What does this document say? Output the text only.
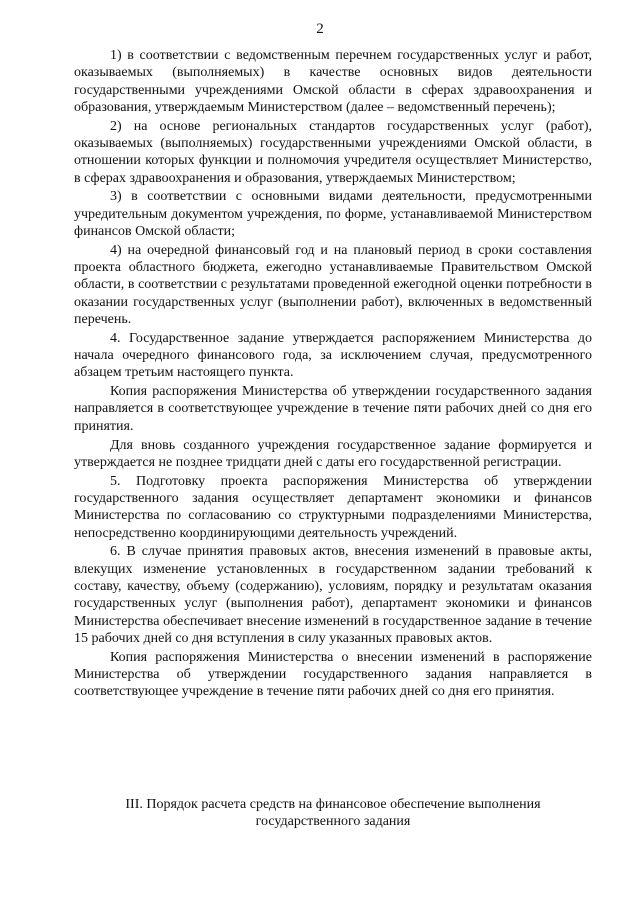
2

1) в соответствии с ведомственным перечнем государственных услуг и работ, оказываемых (выполняемых) в качестве основных видов деятельности государственными учреждениями Омской области в сферах здравоохранения и образования, утверждаемым Министерством (далее – ведомственный перечень);

2) на основе региональных стандартов государственных услуг (работ), оказываемых (выполняемых) государственными учреждениями Омской области, в отношении которых функции и полномочия учредителя осуществляет Министерство, в сферах здравоохранения и образования, утверждаемых Министерством;

3) в соответствии с основными видами деятельности, предусмотренными учредительным документом учреждения, по форме, устанавливаемой Министерством финансов Омской области;

4) на очередной финансовый год и на плановый период в сроки составления проекта областного бюджета, ежегодно устанавливаемые Правительством Омской области, в соответствии с результатами проведенной ежегодной оценки потребности в оказании государственных услуг (выполнении работ), включенных в ведомственный перечень.

4. Государственное задание утверждается распоряжением Министерства до начала очередного финансового года, за исключением случая, предусмотренного абзацем третьим настоящего пункта.

Копия распоряжения Министерства об утверждении государственного задания направляется в соответствующее учреждение в течение пяти рабочих дней со дня его принятия.

Для вновь созданного учреждения государственное задание формируется и утверждается не позднее тридцати дней с даты его государственной регистрации.

5. Подготовку проекта распоряжения Министерства об утверждении государственного задания осуществляет департамент экономики и финансов Министерства по согласованию со структурными подразделениями Министерства, непосредственно координирующими деятельность учреждений.

6. В случае принятия правовых актов, внесения изменений в правовые акты, влекущих изменение установленных в государственном задании требований к составу, качеству, объему (содержанию), условиям, порядку и результатам оказания государственных услуг (выполнения работ), департамент экономики и финансов Министерства обеспечивает внесение изменений в государственное задание в течение 15 рабочих дней со дня вступления в силу указанных правовых актов.

Копия распоряжения Министерства о внесении изменений в распоряжение Министерства об утверждении государственного задания направляется в соответствующее учреждение в течение пяти рабочих дней со дня его принятия.

III. Порядок расчета средств на финансовое обеспечение выполнения
государственного задания
